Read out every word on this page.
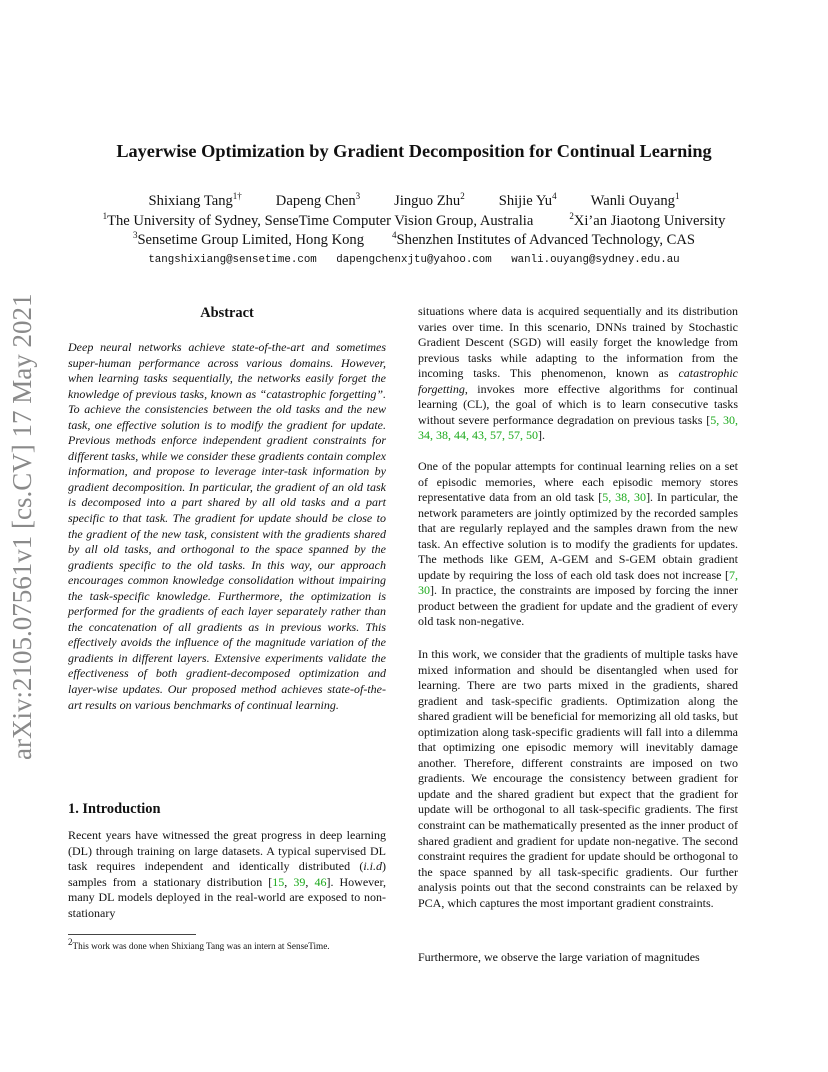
arXiv:2105.07561v1 [cs.CV] 17 May 2021
Layerwise Optimization by Gradient Decomposition for Continual Learning
Shixiang Tang$^{1\dagger}$ Dapeng Chen$^3$ Jinguo Zhu$^2$ Shijie Yu$^4$ Wanli Ouyang$^1$
$^1$The University of Sydney, SenseTime Computer Vision Group, Australia	$^2$Xi’an Jiaotong University
$^3$Sensetime Group Limited, Hong Kong	$^4$Shenzhen Institutes of Advanced Technology, CAS
tangshixiang@sensetime.com dapengchenxjtu@yahoo.com wanli.ouyang@sydney.edu.au
Abstract
Deep neural networks achieve state-of-the-art and sometimes super-human performance across various domains. However, when learning tasks sequentially, the networks easily forget the knowledge of previous tasks, known as “catastrophic forgetting”. To achieve the consistencies between the old tasks and the new task, one effective solution is to modify the gradient for update. Previous methods enforce independent gradient constraints for different tasks, while we consider these gradients contain complex information, and propose to leverage inter-task information by gradient decomposition. In particular, the gradient of an old task is decomposed into a part shared by all old tasks and a part specific to that task. The gradient for update should be close to the gradient of the new task, consistent with the gradients shared by all old tasks, and orthogonal to the space spanned by the gradients specific to the old tasks. In this way, our approach encourages common knowledge consolidation without impairing the task-specific knowledge. Furthermore, the optimization is performed for the gradients of each layer separately rather than the concatenation of all gradients as in previous works. This effectively avoids the influence of the magnitude variation of the gradients in different layers. Extensive experiments validate the effectiveness of both gradient-decomposed optimization and layer-wise updates. Our proposed method achieves state-of-the-art results on various benchmarks of continual learning.
1. Introduction
Recent years have witnessed the great progress in deep learning (DL) through training on large datasets. A typical supervised DL task requires independent and identically distributed (i.i.d) samples from a stationary distribution [15, 39, 46]. However, many DL models deployed in the real-world are exposed to non-stationary
$^2$This work was done when Shixiang Tang was an intern at SenseTime.
situations where data is acquired sequentially and its distribution varies over time. In this scenario, DNNs trained by Stochastic Gradient Descent (SGD) will easily forget the knowledge from previous tasks while adapting to the information from the incoming tasks. This phenomenon, known as catastrophic forgetting, invokes more effective algorithms for continual learning (CL), the goal of which is to learn consecutive tasks without severe performance degradation on previous tasks [5, 30, 34, 38, 44, 43, 57, 57, 50].
One of the popular attempts for continual learning relies on a set of episodic memories, where each episodic memory stores representative data from an old task [5, 38, 30]. In particular, the network parameters are jointly optimized by the recorded samples that are regularly replayed and the samples drawn from the new task. An effective solution is to modify the gradients for updates. The methods like GEM, A-GEM and S-GEM obtain gradient update by requiring the loss of each old task does not increase [7, 30]. In practice, the constraints are imposed by forcing the inner product between the gradient for update and the gradient of every old task non-negative.
In this work, we consider that the gradients of multiple tasks have mixed information and should be disentangled when used for learning. There are two parts mixed in the gradients, shared gradient and task-specific gradients. Optimization along the shared gradient will be beneficial for memorizing all old tasks, but optimization along task-specific gradients will fall into a dilemma that optimizing one episodic memory will inevitably damage another. Therefore, different constraints are imposed on two gradients. We encourage the consistency between gradient for update and the shared gradient but expect that the gradient for update will be orthogonal to all task-specific gradients. The first constraint can be mathematically presented as the inner product of shared gradient and gradient for update non-negative. The second constraint requires the gradient for update should be orthogonal to the space spanned by all task-specific gradients. Our further analysis points out that the second constraints can be relaxed by PCA, which captures the most important gradient constraints.
Furthermore, we observe the large variation of magnitudes
